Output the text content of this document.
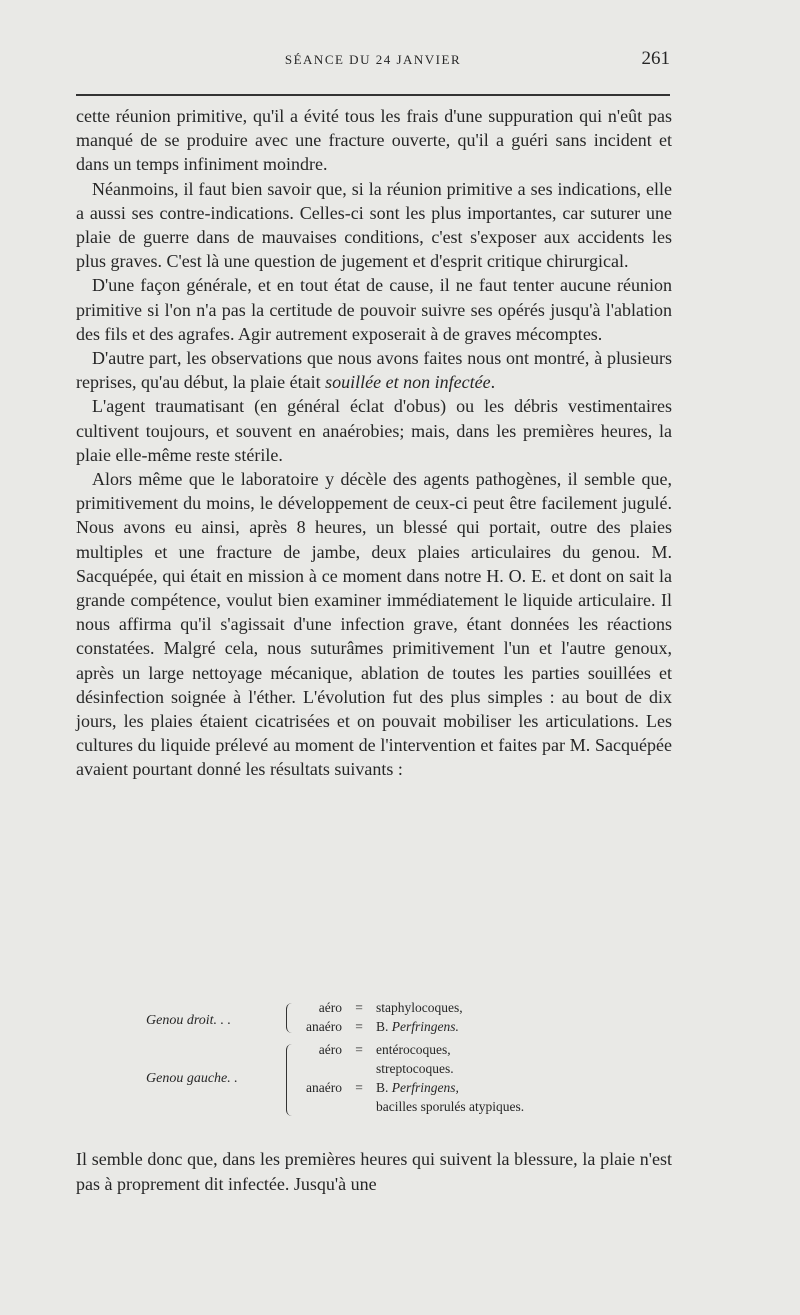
SÉANCE DU 24 JANVIER	261

cette réunion primitive, qu'il a évité tous les frais d'une suppuration qui n'eût pas manqué de se produire avec une fracture ouverte, qu'il a guéri sans incident et dans un temps infiniment moindre.

Néanmoins, il faut bien savoir que, si la réunion primitive a ses indications, elle a aussi ses contre-indications. Celles-ci sont les plus importantes, car suturer une plaie de guerre dans de mauvaises conditions, c'est s'exposer aux accidents les plus graves. C'est là une question de jugement et d'esprit critique chirurgical.

D'une façon générale, et en tout état de cause, il ne faut tenter aucune réunion primitive si l'on n'a pas la certitude de pouvoir suivre ses opérés jusqu'à l'ablation des fils et des agrafes. Agir autrement exposerait à de graves mécomptes.

D'autre part, les observations que nous avons faites nous ont montré, à plusieurs reprises, qu'au début, la plaie était souillée et non infectée.

L'agent traumatisant (en général éclat d'obus) ou les débris vestimentaires cultivent toujours, et souvent en anaérobies; mais, dans les premières heures, la plaie elle-même reste stérile.

Alors même que le laboratoire y décèle des agents pathogènes, il semble que, primitivement du moins, le développement de ceux-ci peut être facilement jugulé. Nous avons eu ainsi, après 8 heures, un blessé qui portait, outre des plaies multiples et une fracture de jambe, deux plaies articulaires du genou. M. Sacquépée, qui était en mission à ce moment dans notre H. O. E. et dont on sait la grande compétence, voulut bien examiner immédiatement le liquide articulaire. Il nous affirma qu'il s'agissait d'une infection grave, étant données les réactions constatées. Malgré cela, nous suturâmes primitivement l'un et l'autre genoux, après un large nettoyage mécanique, ablation de toutes les parties souillées et désinfection soignée à l'éther. L'évolution fut des plus simples : au bout de dix jours, les plaies étaient cicatrisées et on pouvait mobiliser les articulations. Les cultures du liquide prélevé au moment de l'intervention et faites par M. Sacquépée avaient pourtant donné les résultats suivants :

Genou droit. . .
aéro = staphylocoques,
anaéro = B. Perfringens.
Genou gauche. .
aéro = entérocoques,
streptocoques.
anaéro = B. Perfringens,
bacilles sporulés atypiques.

Il semble donc que, dans les premières heures qui suivent la blessure, la plaie n'est pas à proprement dit infectée. Jusqu'à une
